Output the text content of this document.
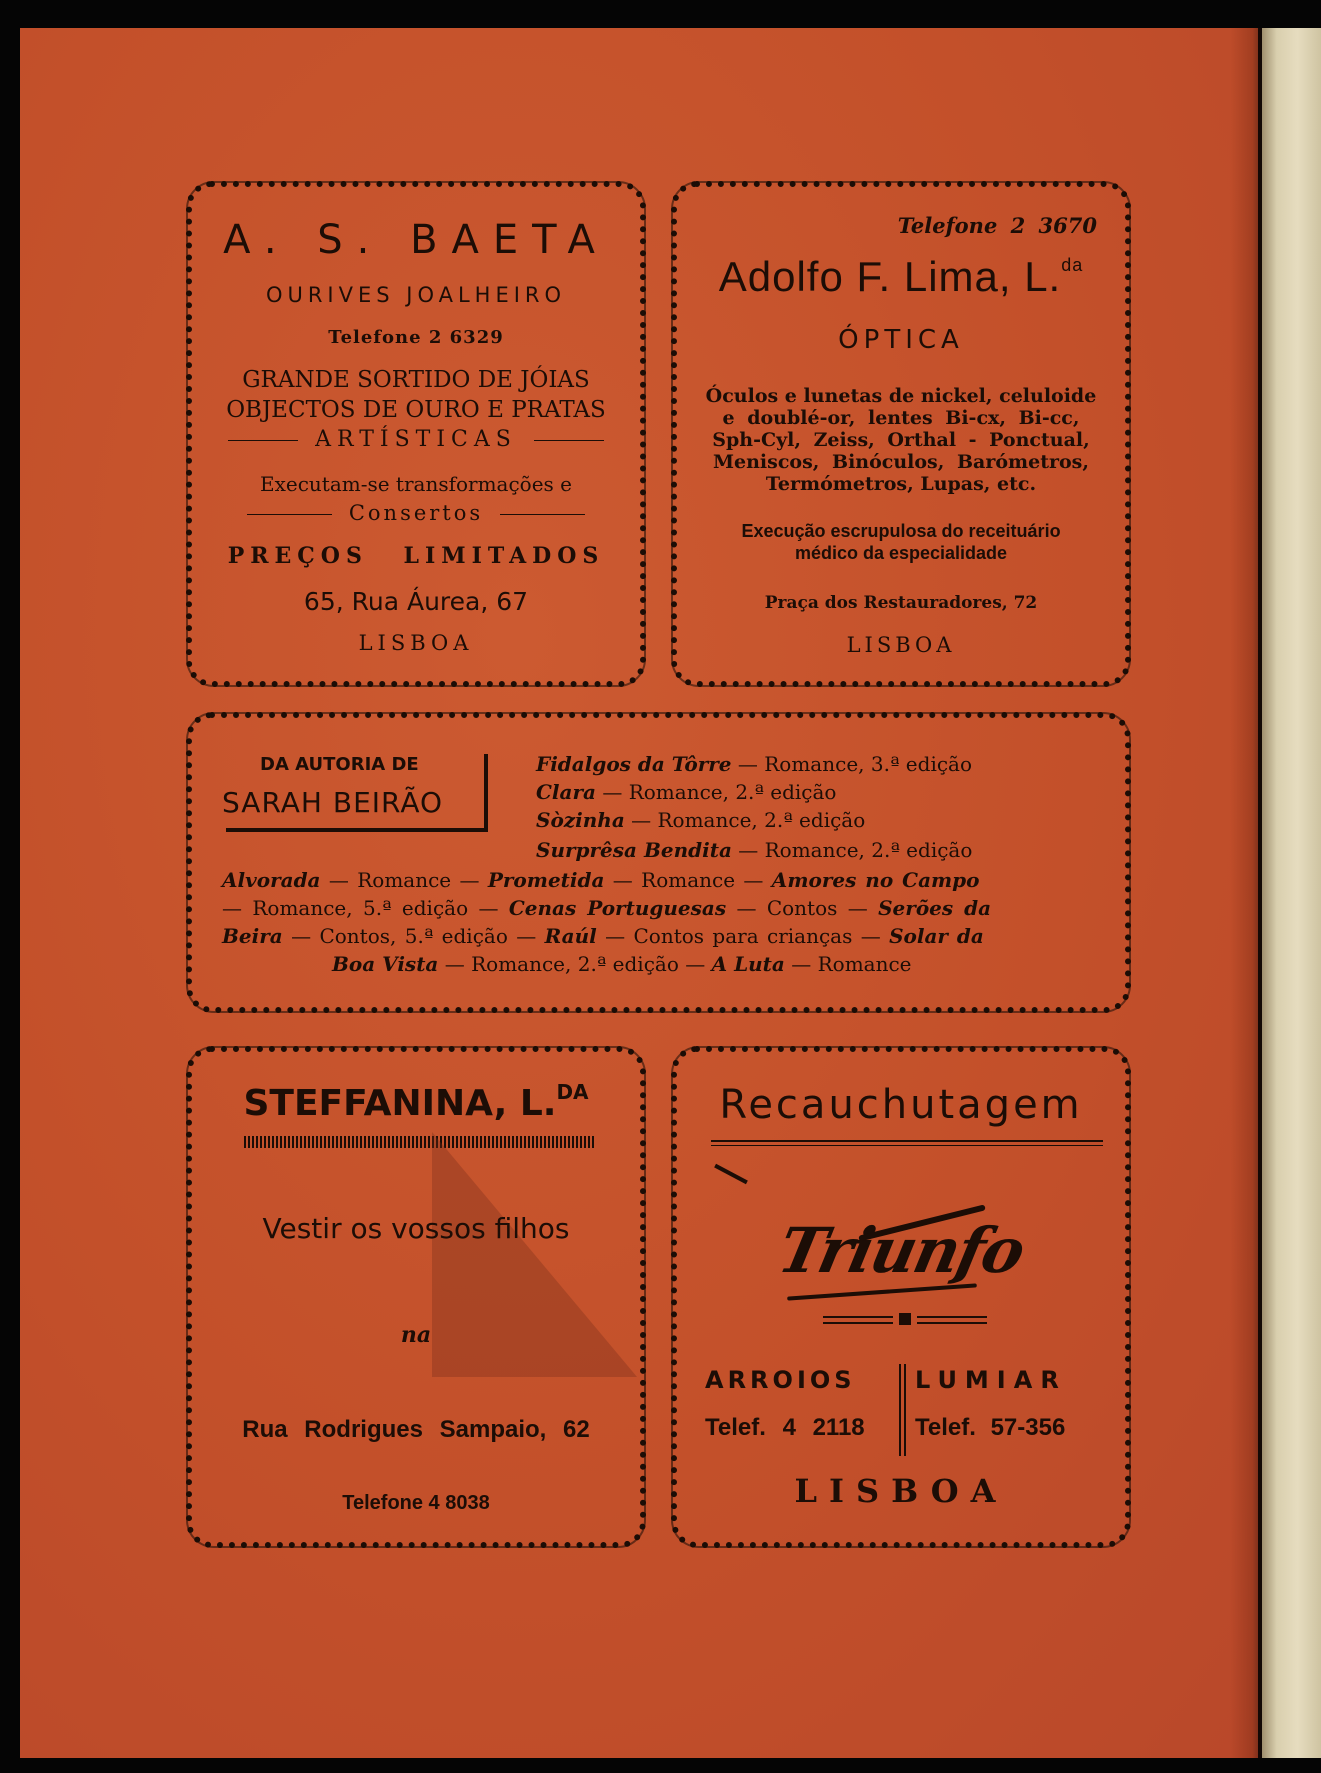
A. S. BAETA

OURIVES JOALHEIRO

Telefone 2 6329

GRANDE SORTIDO DE JÓIAS

OBJECTOS DE OURO E PRATAS

ARTÍSTICAS

Executam-se transformações e

Consertos

PREÇOS LIMITADOS

65, Rua Áurea, 67

LISBOA

Telefone 2 3670

Adolfo F. Lima, L.$^{da}$

ÓPTICA

Óculos e lunetas de nickel, celuloide

e doublé-or, lentes Bi-cx, Bi-cc,

Sph-Cyl, Zeiss, Orthal - Ponctual,

Meniscos, Binóculos, Barómetros,

Termómetros, Lupas, etc.

Execução escrupulosa do receituário

médico da especialidade

Praça dos Restauradores, 72

LISBOA

DA AUTORIA DE

SARAH BEIRÃO

Fidalgos da Tôrre — Romance, 3.ª edição

Clara — Romance, 2.ª edição

Sòzinha — Romance, 2.ª edição

Surprêsa Bendita — Romance, 2.ª edição

Alvorada — Romance — Prometida — Romance — Amores no Campo

— Romance, 5.ª edição — Cenas Portuguesas — Contos — Serões da

Beira — Contos, 5.ª edição — Raúl — Contos para crianças — Solar da

Boa Vista — Romance, 2.ª edição — A Luta — Romance

STEFFANINA, L.$^{DA}$

Vestir os vossos filhos

na

Rua Rodrigues Sampaio, 62

Telefone 4 8038

Recauchutagem

Triunfo

ARROIOS LUMIAR

Telef. 4 2118 Telef. 57-356

LISBOA
